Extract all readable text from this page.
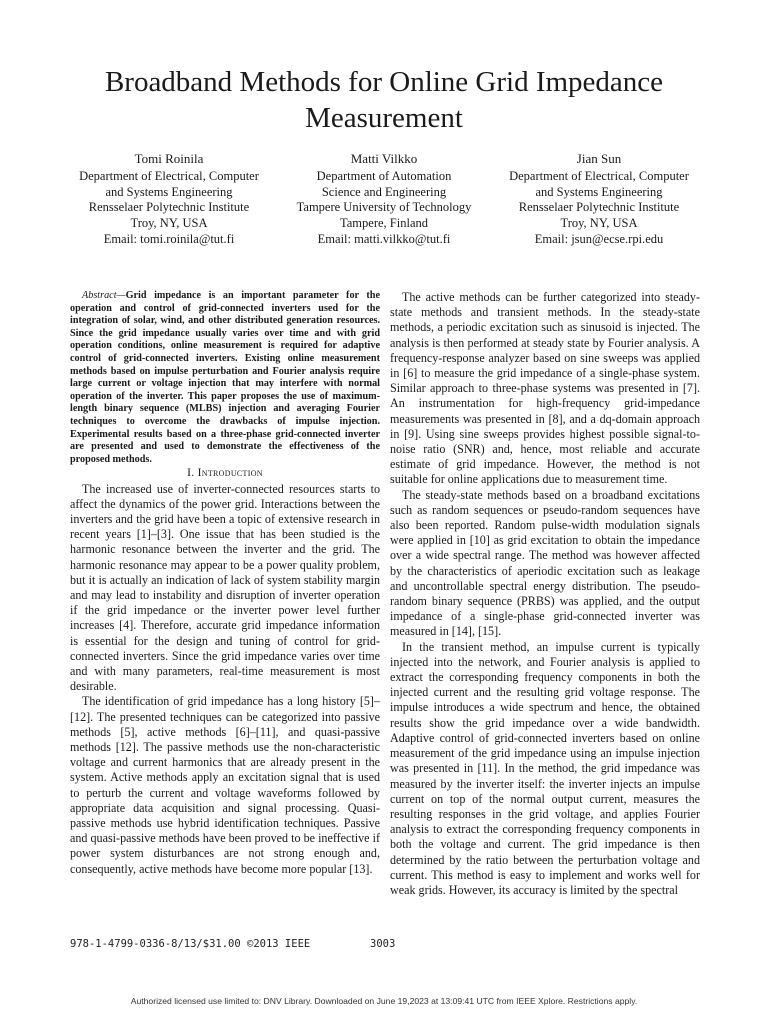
Broadband Methods for Online Grid Impedance Measurement
Tomi Roinila
Department of Electrical, Computer
and Systems Engineering
Rensselaer Polytechnic Institute
Troy, NY, USA
Email: tomi.roinila@tut.fi
Matti Vilkko
Department of Automation
Science and Engineering
Tampere University of Technology
Tampere, Finland
Email: matti.vilkko@tut.fi
Jian Sun
Department of Electrical, Computer
and Systems Engineering
Rensselaer Polytechnic Institute
Troy, NY, USA
Email: jsun@ecse.rpi.edu

Abstract—Grid impedance is an important parameter for the operation and control of grid-connected inverters used for the integration of solar, wind, and other distributed generation resources. Since the grid impedance usually varies over time and with grid operation conditions, online measurement is required for adaptive control of grid-connected inverters. Existing online measurement methods based on impulse perturbation and Fourier analysis require large current or voltage injection that may interfere with normal operation of the inverter. This paper proposes the use of maximum-length binary sequence (MLBS) injection and averaging Fourier techniques to overcome the drawbacks of impulse injection. Experimental results based on a three-phase grid-connected inverter are presented and used to demonstrate the effectiveness of the proposed methods.

I. Introduction

The increased use of inverter-connected resources starts to affect the dynamics of the power grid. Interactions between the inverters and the grid have been a topic of extensive research in recent years [1]–[3]. One issue that has been studied is the harmonic resonance between the inverter and the grid. The harmonic resonance may appear to be a power quality problem, but it is actually an indication of lack of system stability margin and may lead to instability and disruption of inverter operation if the grid impedance or the inverter power level further increases [4]. Therefore, accurate grid impedance information is essential for the design and tuning of control for grid-connected inverters. Since the grid impedance varies over time and with many parameters, real-time measurement is most desirable.

The identification of grid impedance has a long history [5]–[12]. The presented techniques can be categorized into passive methods [5], active methods [6]–[11], and quasi-passive methods [12]. The passive methods use the non-characteristic voltage and current harmonics that are already present in the system. Active methods apply an excitation signal that is used to perturb the current and voltage waveforms followed by appropriate data acquisition and signal processing. Quasi-passive methods use hybrid identification techniques. Passive and quasi-passive methods have been proved to be ineffective if power system disturbances are not strong enough and, consequently, active methods have become more popular [13].

The active methods can be further categorized into steady-state methods and transient methods. In the steady-state methods, a periodic excitation such as sinusoid is injected. The analysis is then performed at steady state by Fourier analysis. A frequency-response analyzer based on sine sweeps was applied in [6] to measure the grid impedance of a single-phase system. Similar approach to three-phase systems was presented in [7]. An instrumentation for high-frequency grid-impedance measurements was presented in [8], and a dq-domain approach in [9]. Using sine sweeps provides highest possible signal-to-noise ratio (SNR) and, hence, most reliable and accurate estimate of grid impedance. However, the method is not suitable for online applications due to measurement time.

The steady-state methods based on a broadband excitations such as random sequences or pseudo-random sequences have also been reported. Random pulse-width modulation signals were applied in [10] as grid excitation to obtain the impedance over a wide spectral range. The method was however affected by the characteristics of aperiodic excitation such as leakage and uncontrollable spectral energy distribution. The pseudo-random binary sequence (PRBS) was applied, and the output impedance of a single-phase grid-connected inverter was measured in [14], [15].

In the transient method, an impulse current is typically injected into the network, and Fourier analysis is applied to extract the corresponding frequency components in both the injected current and the resulting grid voltage response. The impulse introduces a wide spectrum and hence, the obtained results show the grid impedance over a wide bandwidth. Adaptive control of grid-connected inverters based on online measurement of the grid impedance using an impulse injection was presented in [11]. In the method, the grid impedance was measured by the inverter itself: the inverter injects an impulse current on top of the normal output current, measures the resulting responses in the grid voltage, and applies Fourier analysis to extract the corresponding frequency components in both the voltage and current. The grid impedance is then determined by the ratio between the perturbation voltage and current. This method is easy to implement and works well for weak grids. However, its accuracy is limited by the spectral

978-1-4799-0336-8/13/$31.00 ©2013 IEEE	3003
Authorized licensed use limited to: DNV Library. Downloaded on June 19,2023 at 13:09:41 UTC from IEEE Xplore. Restrictions apply.
